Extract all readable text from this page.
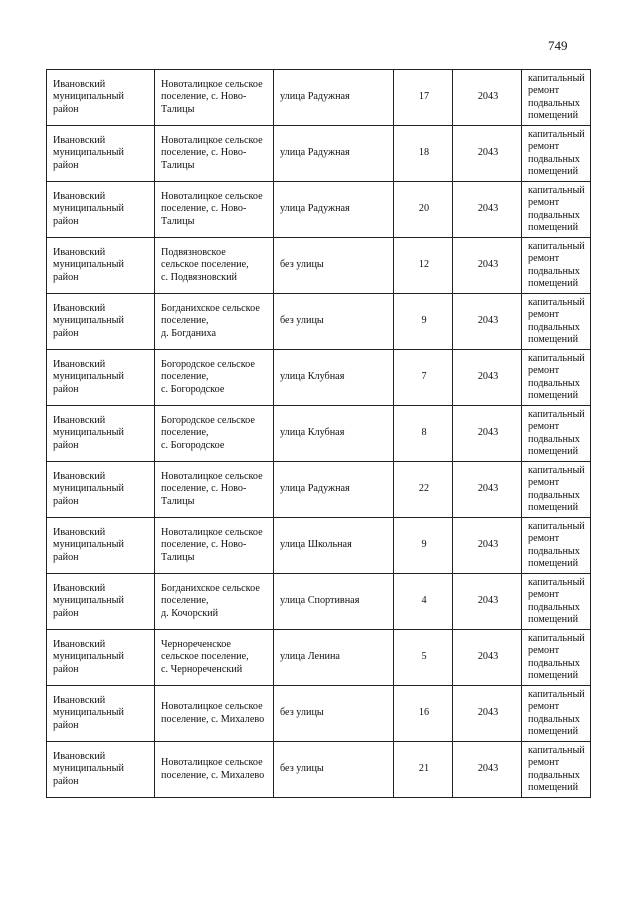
749
Ивановский
муниципальный
район	Новоталицкое сельское
поселение, с. Ново-
Талицы	улица Радужная	17	2043	капитальный
ремонт
подвальных
помещений

Ивановский
муниципальный
район	Новоталицкое сельское
поселение, с. Ново-
Талицы	улица Радужная	18	2043	капитальный
ремонт
подвальных
помещений

Ивановский
муниципальный
район	Новоталицкое сельское
поселение, с. Ново-
Талицы	улица Радужная	20	2043	капитальный
ремонт
подвальных
помещений

Ивановский
муниципальный
район	Подвязновское
сельское поселение,
с. Подвязновский	без улицы	12	2043	капитальный
ремонт
подвальных
помещений

Ивановский
муниципальный
район	Богданихское сельское
поселение,
д. Богданиха	без улицы	9	2043	капитальный
ремонт
подвальных
помещений

Ивановский
муниципальный
район	Богородское сельское
поселение,
с. Богородское	улица Клубная	7	2043	капитальный
ремонт
подвальных
помещений

Ивановский
муниципальный
район	Богородское сельское
поселение,
с. Богородское	улица Клубная	8	2043	капитальный
ремонт
подвальных
помещений

Ивановский
муниципальный
район	Новоталицкое сельское
поселение, с. Ново-
Талицы	улица Радужная	22	2043	капитальный
ремонт
подвальных
помещений

Ивановский
муниципальный
район	Новоталицкое сельское
поселение, с. Ново-
Талицы	улица Школьная	9	2043	капитальный
ремонт
подвальных
помещений

Ивановский
муниципальный
район	Богданихское сельское
поселение,
д. Кочорский	улица Спортивная	4	2043	капитальный
ремонт
подвальных
помещений

Ивановский
муниципальный
район	Чернореченское
сельское поселение,
с. Чернореченский	улица Ленина	5	2043	капитальный
ремонт
подвальных
помещений

Ивановский
муниципальный
район	Новоталицкое сельское
поселение, с. Михалево	без улицы	16	2043	капитальный
ремонт
подвальных
помещений

Ивановский
муниципальный
район	Новоталицкое сельское
поселение, с. Михалево	без улицы	21	2043	капитальный
ремонт
подвальных
помещений
